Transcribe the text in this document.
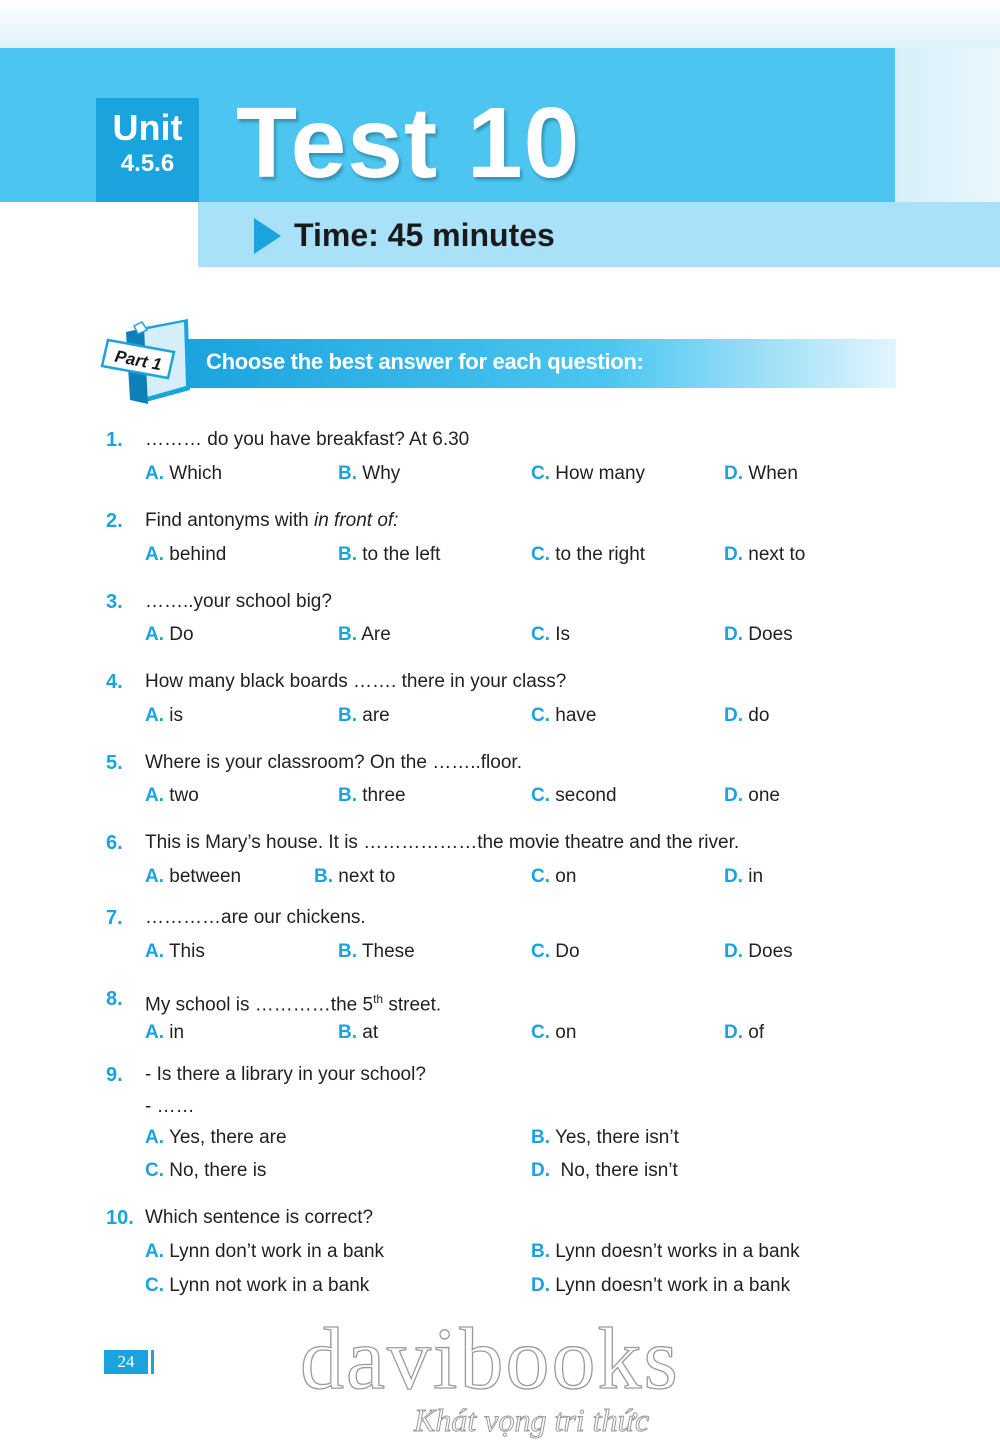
Unit
4.5.6 Test 10
Time: 45 minutes
Choose the best answer for each question:
Part 1
1. ……… do you have breakfast? At 6.30
A. Which	B. Why	C. How many	D. When
2. Find antonyms with in front of:
A. behind	B. to the left	C. to the right	D. next to
3. ……..your school big?
A. Do	B. Are	C. Is	D. Does
4. How many black boards ……. there in your class?
A. is	B. are	C. have	D. do
5. Where is your classroom? On the ……..floor.
A. two	B. three	C. second	D. one
6. This is Mary’s house. It is ………………the movie theatre and the river.
A. between	B. next to	C. on	D. in
7. …………are our chickens.
A. This	B. These	C. Do	D. Does
8. My school is …………the 5th street.
A. in	B. at	C. on	D. of
9. - Is there a library in your school?
- ……
A. Yes, there are	B. Yes, there isn’t
C. No, there is	D.  No, there isn’t
10. Which sentence is correct?
A. Lynn don’t work in a bank	B. Lynn doesn’t works in a bank
C. Lynn not work in a bank	D. Lynn doesn’t work in a bank
24 davibooks
Khát vọng tri thức
